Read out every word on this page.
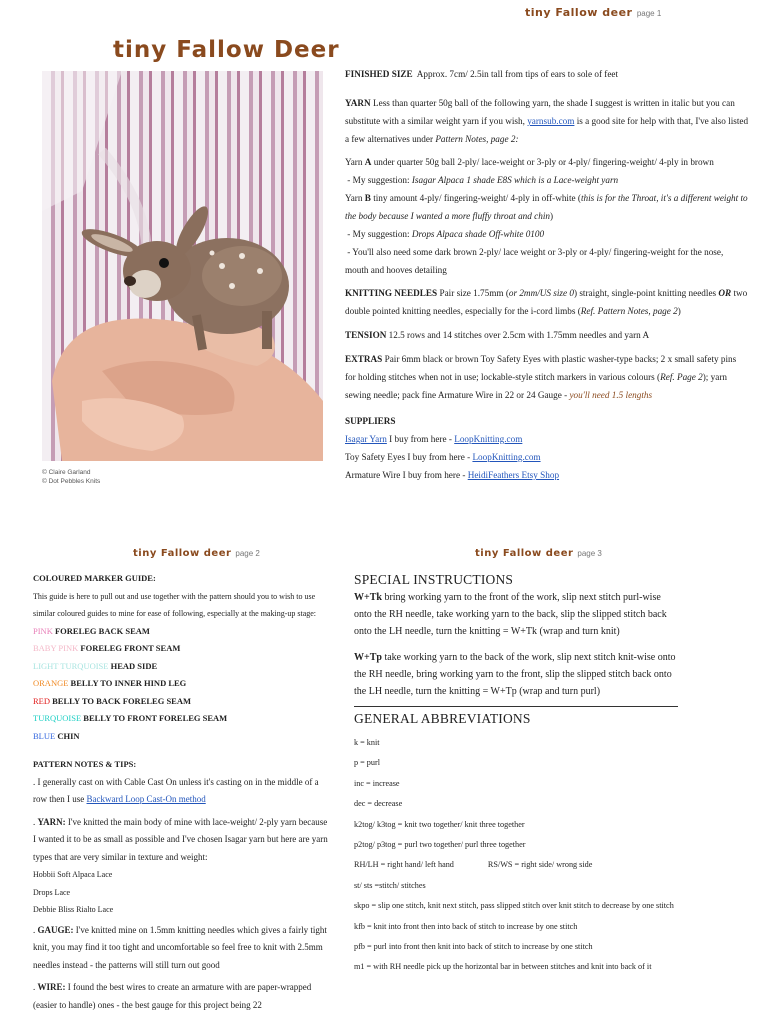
tiny Fallow deer page 1
tiny Fallow Deer
© Claire Garland
© Dot Pebbles Knits
FINISHED SIZE Approx. 7cm/ 2.5in tall from tips of ears to sole of feet
YARN Less than quarter 50g ball of the following yarn, the shade I suggest is written in italic but you can substitute with a similar weight yarn if you wish, yarnsub.com is a good site for help with that, I've also listed a few alternatives under Pattern Notes, page 2:
Yarn A under quarter 50g ball 2-ply/ lace-weight or 3-ply or 4-ply/ fingering-weight/ 4-ply in brown
- My suggestion: Isagar Alpaca 1 shade E8S which is a Lace-weight yarn
Yarn B tiny amount 4-ply/ fingering-weight/ 4-ply in off-white (this is for the Throat, it's a different weight to the body because I wanted a more fluffy throat and chin)
- My suggestion: Drops Alpaca shade Off-white 0100
- You'll also need some dark brown 2-ply/ lace weight or 3-ply or 4-ply/ fingering-weight for the nose, mouth and hooves detailing
KNITTING NEEDLES Pair size 1.75mm (or 2mm/US size 0) straight, single-point knitting needles OR two double pointed knitting needles, especially for the i-cord limbs (Ref. Pattern Notes, page 2)
TENSION 12.5 rows and 14 stitches over 2.5cm with 1.75mm needles and yarn A
EXTRAS Pair 6mm black or brown Toy Safety Eyes with plastic washer-type backs; 2 x small safety pins for holding stitches when not in use; lockable-style stitch markers in various colours (Ref. Page 2); yarn sewing needle; pack fine Armature Wire in 22 or 24 Gauge - you'll need 1.5 lengths
SUPPLIERS
Isagar Yarn I buy from here - LoopKnitting.com
Toy Safety Eyes I buy from here - LoopKnitting.com
Armature Wire I buy from here - HeidiFeathers Etsy Shop
tiny Fallow deer page 2
COLOURED MARKER GUIDE:
This guide is here to pull out and use together with the pattern should you to wish to use similar coloured guides to mine for ease of following, especially at the making-up stage:
PINK FORELEG BACK SEAM
BABY PINK FORELEG FRONT SEAM
LIGHT TURQUOISE HEAD SIDE
ORANGE BELLY TO INNER HIND LEG
RED BELLY TO BACK FORELEG SEAM
TURQUOISE BELLY TO FRONT FORELEG SEAM
BLUE CHIN
PATTERN NOTES & TIPS:
. I generally cast on with Cable Cast On unless it's casting on in the middle of a row then I use Backward Loop Cast-On method
. YARN: I've knitted the main body of mine with lace-weight/ 2-ply yarn because I wanted it to be as small as possible and I've chosen Isagar yarn but here are yarn types that are very similar in texture and weight:
Hobbii Soft Alpaca Lace
Drops Lace
Debbie Bliss Rialto Lace
. GAUGE: I've knitted mine on 1.5mm knitting needles which gives a fairly tight knit, you may find it too tight and uncomfortable so feel free to knit with 2.5mm needles instead - the patterns will still turn out good
. WIRE: I found the best wires to create an armature with are paper-wrapped (easier to handle) ones - the best gauge for this project being 22
tiny Fallow deer page 3
SPECIAL INSTRUCTIONS
W+Tk bring working yarn to the front of the work, slip next stitch purl-wise onto the RH needle, take working yarn to the back, slip the slipped stitch back onto the LH needle, turn the knitting = W+Tk (wrap and turn knit)
W+Tp take working yarn to the back of the work, slip next stitch knit-wise onto the RH needle, bring working yarn to the front, slip the slipped stitch back onto the LH needle, turn the knitting = W+Tp (wrap and turn purl)
GENERAL ABBREVIATIONS
k = knit
p = purl
inc = increase
dec = decrease
k2tog/ k3tog = knit two together/ knit three together
p2tog/ p3tog = purl two together/ purl three together
RH/LH = right hand/ left hand	RS/WS = right side/ wrong side
st/ sts =stitch/ stitches
skpo = slip one stitch, knit next stitch, pass slipped stitch over knit stitch to decrease by one stitch
kfb = knit into front then into back of stitch to increase by one stitch
pfb = purl into front then knit into back of stitch to increase by one stitch
m1 = with RH needle pick up the horizontal bar in between stitches and knit into back of it
